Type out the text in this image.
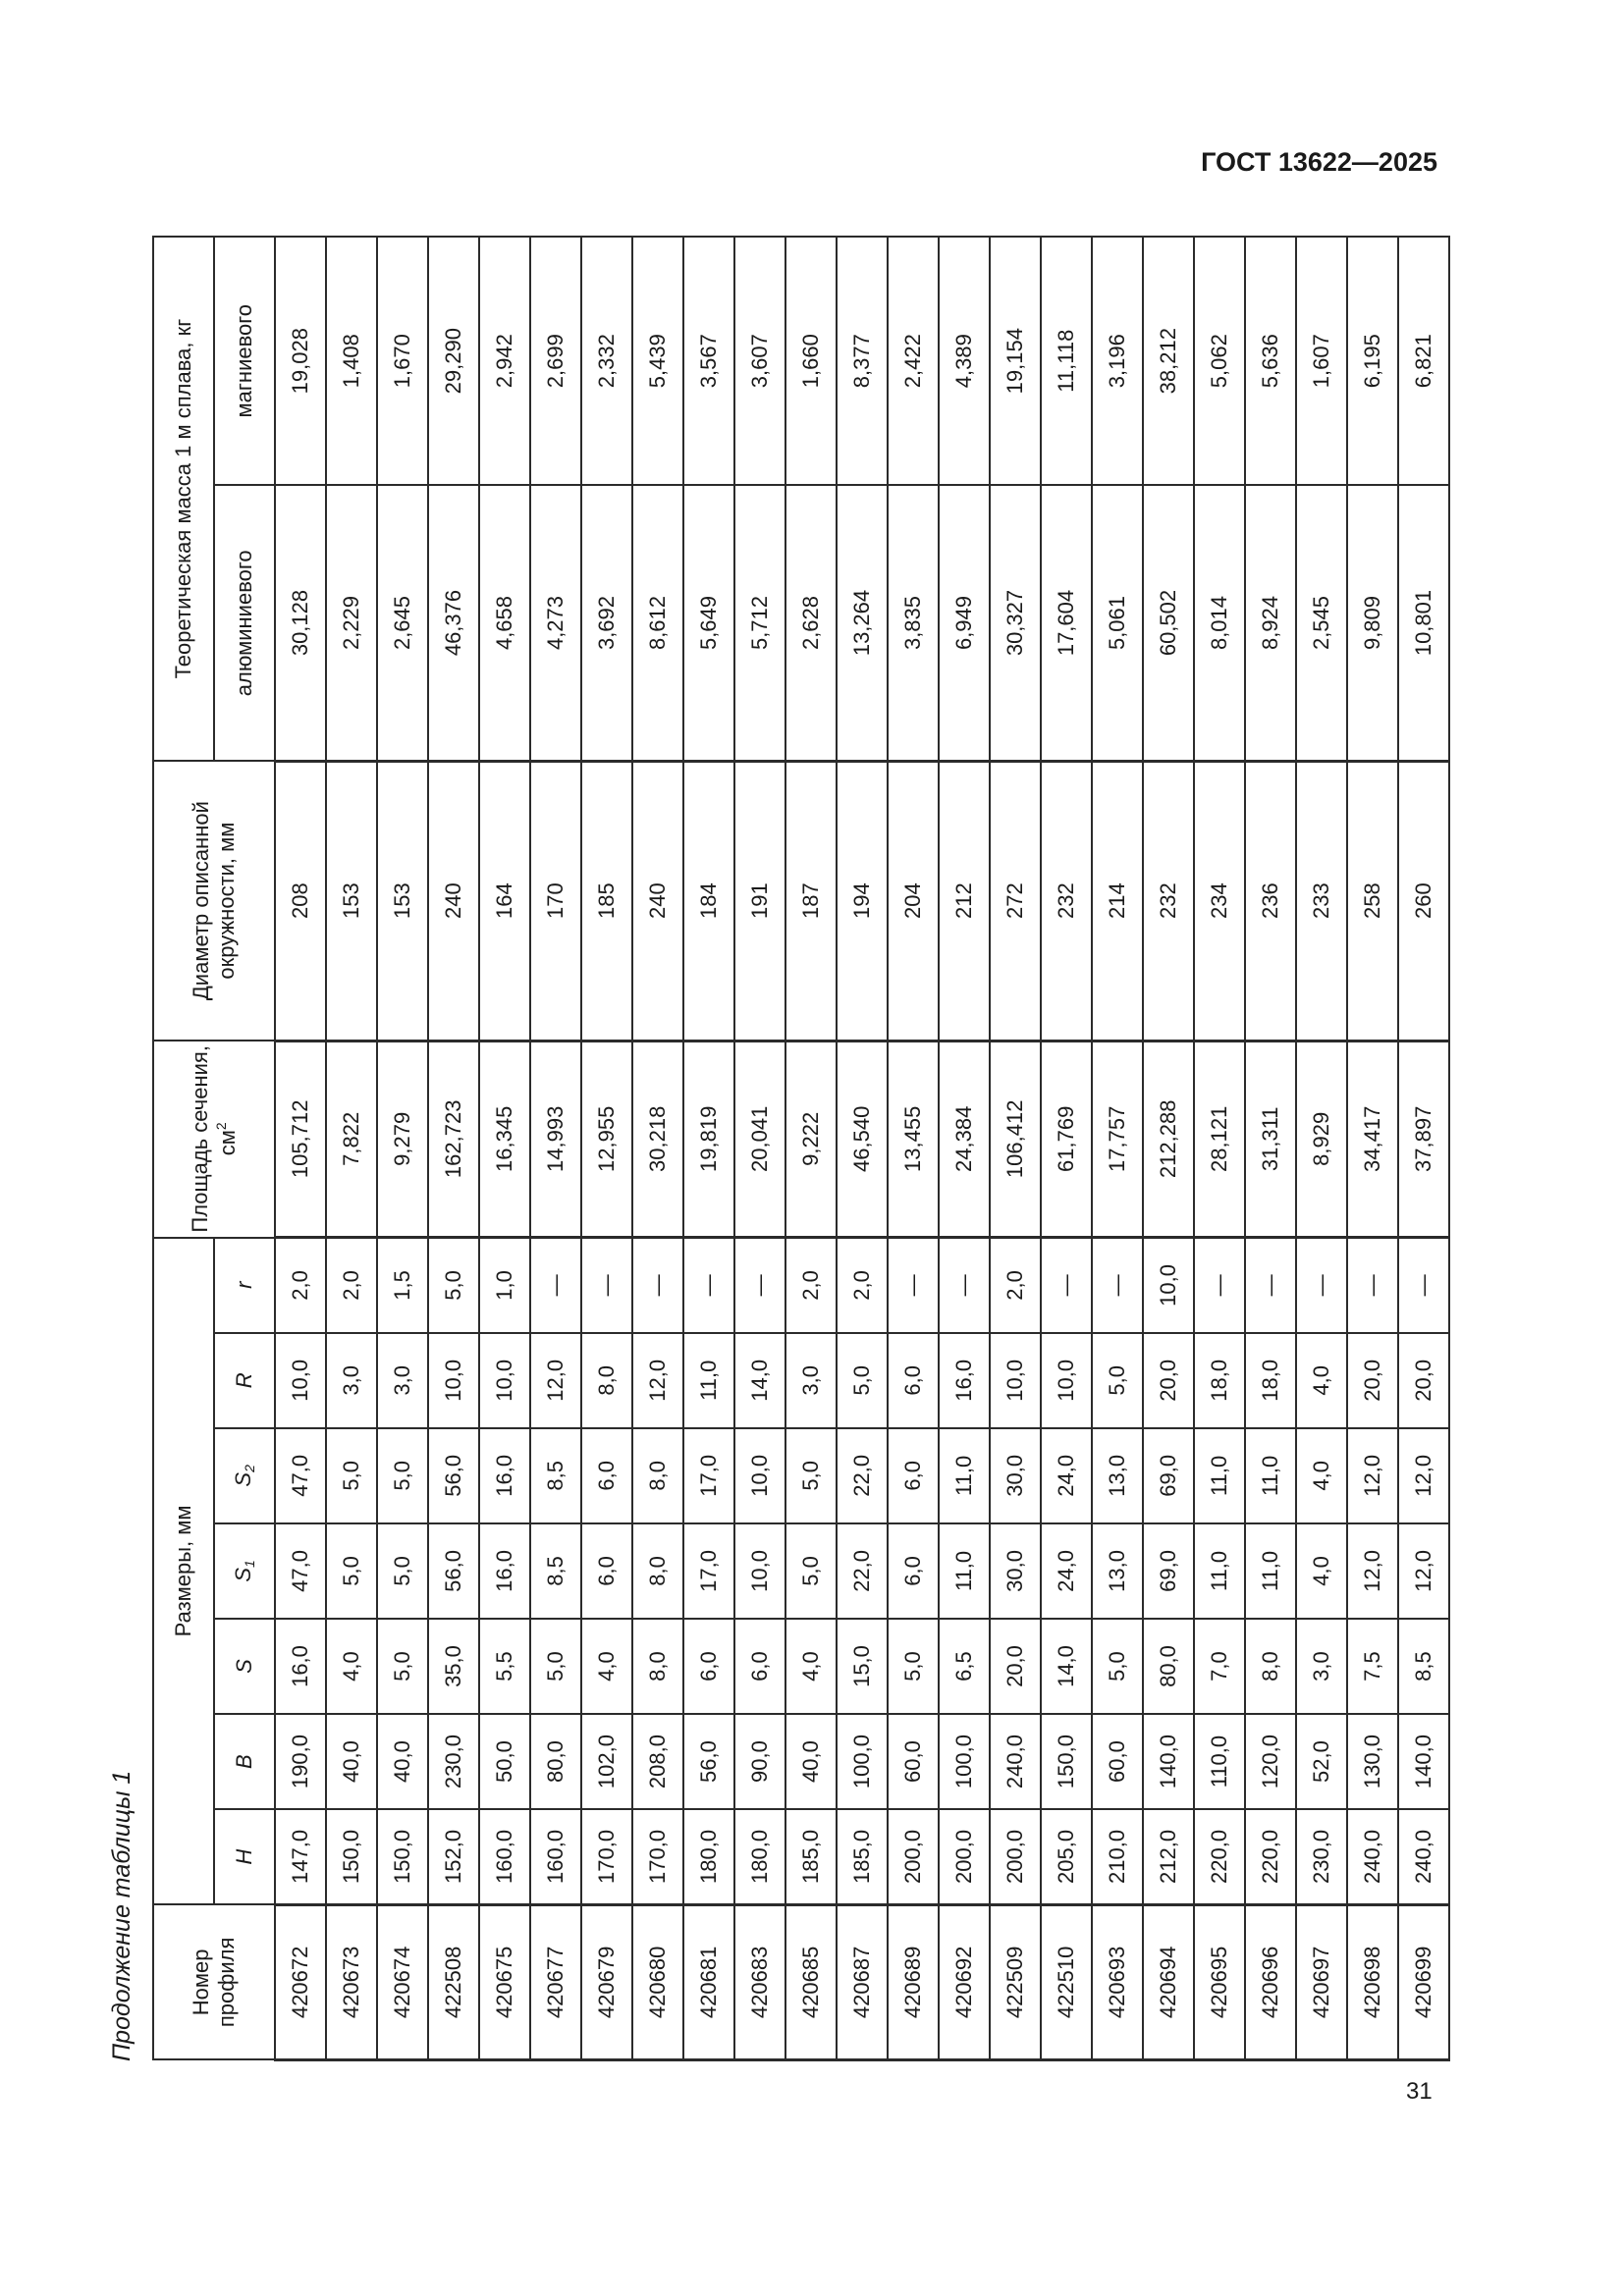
ГОСТ 13622—2025
Продолжение таблицы 1 Номер профиля	Размеры, мм							Площадь сечения, $см^2$	Диаметр описанной окружности, мм	Теоретическая масса 1 м сплава, кг	
	H	B	S	$S_1$	$S_2$	R	r			алюминиевого	магниевого
420672	147,0	190,0	16,0	47,0	47,0	10,0	2,0	105,712	208	30,128	19,028
420673	150,0	40,0	4,0	5,0	5,0	3,0	2,0	7,822	153	2,229	1,408
420674	150,0	40,0	5,0	5,0	5,0	3,0	1,5	9,279	153	2,645	1,670
422508	152,0	230,0	35,0	56,0	56,0	10,0	5,0	162,723	240	46,376	29,290
420675	160,0	50,0	5,5	16,0	16,0	10,0	1,0	16,345	164	4,658	2,942
420677	160,0	80,0	5,0	8,5	8,5	12,0	—	14,993	170	4,273	2,699
420679	170,0	102,0	4,0	6,0	6,0	8,0	—	12,955	185	3,692	2,332
420680	170,0	208,0	8,0	8,0	8,0	12,0	—	30,218	240	8,612	5,439
420681	180,0	56,0	6,0	17,0	17,0	11,0	—	19,819	184	5,649	3,567
420683	180,0	90,0	6,0	10,0	10,0	14,0	—	20,041	191	5,712	3,607
420685	185,0	40,0	4,0	5,0	5,0	3,0	2,0	9,222	187	2,628	1,660
420687	185,0	100,0	15,0	22,0	22,0	5,0	2,0	46,540	194	13,264	8,377
420689	200,0	60,0	5,0	6,0	6,0	6,0	—	13,455	204	3,835	2,422
420692	200,0	100,0	6,5	11,0	11,0	16,0	—	24,384	212	6,949	4,389
422509	200,0	240,0	20,0	30,0	30,0	10,0	2,0	106,412	272	30,327	19,154
422510	205,0	150,0	14,0	24,0	24,0	10,0	—	61,769	232	17,604	11,118
420693	210,0	60,0	5,0	13,0	13,0	5,0	—	17,757	214	5,061	3,196
420694	212,0	140,0	80,0	69,0	69,0	20,0	10,0	212,288	232	60,502	38,212
420695	220,0	110,0	7,0	11,0	11,0	18,0	—	28,121	234	8,014	5,062
420696	220,0	120,0	8,0	11,0	11,0	18,0	—	31,311	236	8,924	5,636
420697	230,0	52,0	3,0	4,0	4,0	4,0	—	8,929	233	2,545	1,607
420698	240,0	130,0	7,5	12,0	12,0	20,0	—	34,417	258	9,809	6,195
420699	240,0	140,0	8,5	12,0	12,0	20,0	—	37,897	260	10,801	6,821
31
